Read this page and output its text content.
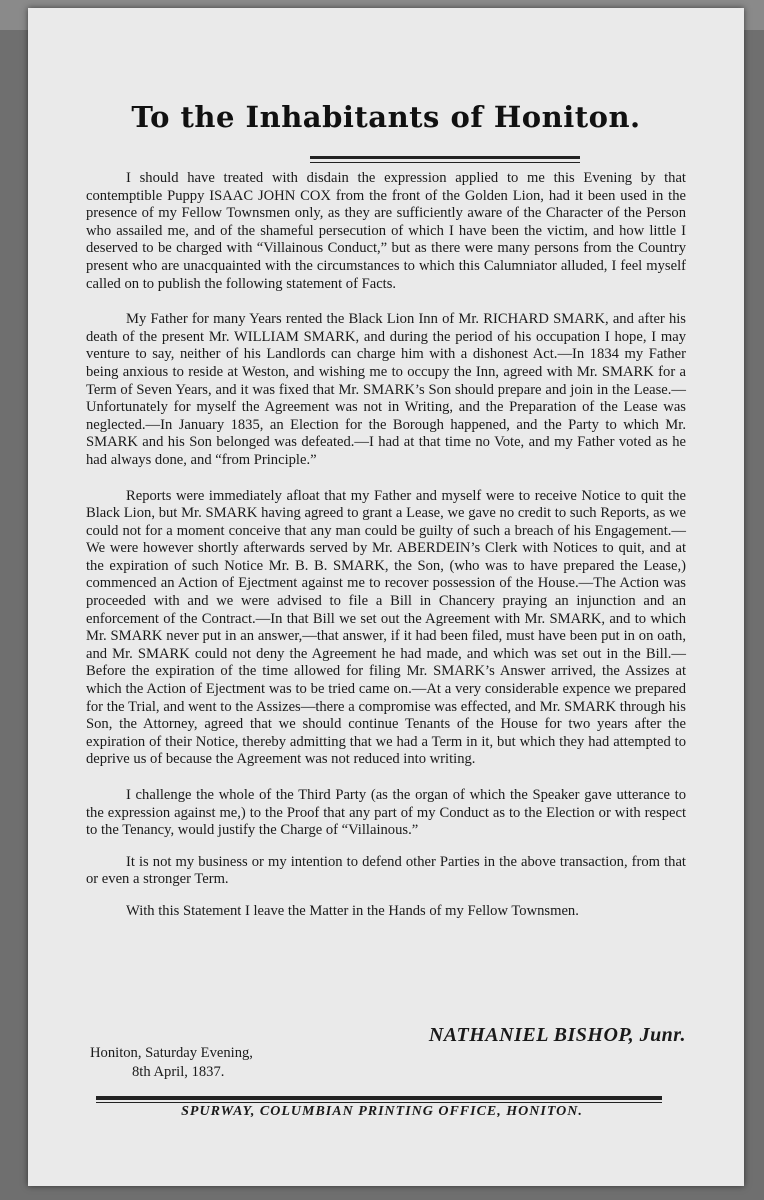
To the Inhabitants of Honiton.

I should have treated with disdain the expression applied to me this Evening by that contemptible Puppy ISAAC JOHN COX from the front of the Golden Lion, had it been used in the presence of my Fellow Townsmen only, as they are sufficiently aware of the Character of the Person who assailed me, and of the shameful persecution of which I have been the victim, and how little I deserved to be charged with “Villainous Conduct,” but as there were many persons from the Country present who are unacquainted with the circumstances to which this Calumniator alluded, I feel myself called on to publish the following statement of Facts.

My Father for many Years rented the Black Lion Inn of Mr. RICHARD SMARK, and after his death of the present Mr. WILLIAM SMARK, and during the period of his occupation I hope, I may venture to say, neither of his Landlords can charge him with a dishonest Act.—In 1834 my Father being anxious to reside at Weston, and wishing me to occupy the Inn, agreed with Mr. SMARK for a Term of Seven Years, and it was fixed that Mr. SMARK’s Son should prepare and join in the Lease.—Unfortunately for myself the Agreement was not in Writing, and the Preparation of the Lease was neglected.—In January 1835, an Election for the Borough happened, and the Party to which Mr. SMARK and his Son belonged was defeated.—I had at that time no Vote, and my Father voted as he had always done, and “from Principle.”

Reports were immediately afloat that my Father and myself were to receive Notice to quit the Black Lion, but Mr. SMARK having agreed to grant a Lease, we gave no credit to such Reports, as we could not for a moment conceive that any man could be guilty of such a breach of his Engagement.—We were however shortly afterwards served by Mr. ABERDEIN’s Clerk with Notices to quit, and at the expiration of such Notice Mr. B. B. SMARK, the Son, (who was to have prepared the Lease,) commenced an Action of Ejectment against me to recover possession of the House.—The Action was proceeded with and we were advised to file a Bill in Chancery praying an injunction and an enforcement of the Contract.—In that Bill we set out the Agreement with Mr. SMARK, and to which Mr. SMARK never put in an answer,—that answer, if it had been filed, must have been put in on oath, and Mr. SMARK could not deny the Agreement he had made, and which was set out in the Bill.—Before the expiration of the time allowed for filing Mr. SMARK’s Answer arrived, the Assizes at which the Action of Ejectment was to be tried came on.—At a very considerable expence we prepared for the Trial, and went to the Assizes—there a compromise was effected, and Mr. SMARK through his Son, the Attorney, agreed that we should continue Tenants of the House for two years after the expiration of their Notice, thereby admitting that we had a Term in it, but which they had attempted to deprive us of because the Agreement was not reduced into writing.

I challenge the whole of the Third Party (as the organ of which the Speaker gave utterance to the expression against me,) to the Proof that any part of my Conduct as to the Election or with respect to the Tenancy, would justify the Charge of “Villainous.”

It is not my business or my intention to defend other Parties in the above transaction, from that or even a stronger Term.

With this Statement I leave the Matter in the Hands of my Fellow Townsmen.

NATHANIEL BISHOP, Junr.
Honiton, Saturday Evening,
8th April, 1837.
SPURWAY, COLUMBIAN PRINTING OFFICE, HONITON.
